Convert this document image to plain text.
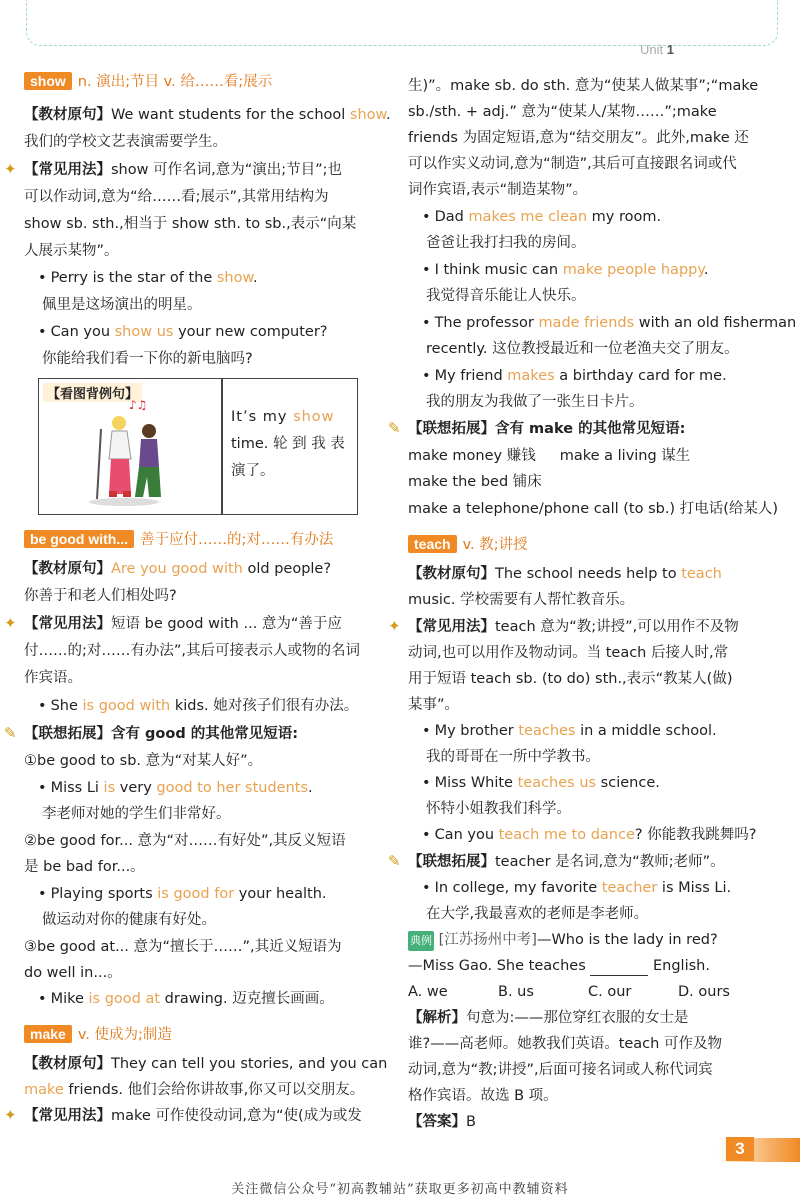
Unit 1
show n. 演出;节目 v. 给……看;展示
【教材原句】We want students for the school show.
我们的学校文艺表演需要学生。
✦ 【常见用法】show 可作名词,意为“演出;节目”;也
可以作动词,意为“给……看;展示”,其常用结构为
show sb. sth.,相当于 show sth. to sb.,表示“向某
人展示某物”。
• Perry is the star of the show.
佩里是这场演出的明星。
• Can you show us your new computer?
你能给我们看一下你的新电脑吗?
【看图背例句】
♪♫
It’s my show
time. 轮 到 我 表
演了。
be good with... 善于应付……的;对……有办法
【教材原句】Are you good with old people?
你善于和老人们相处吗?
✦ 【常见用法】短语 be good with ... 意为“善于应
付……的;对……有办法”,其后可接表示人或物的名词
作宾语。
• She is good with kids. 她对孩子们很有办法。
✎ 【联想拓展】含有 good 的其他常见短语:
①be good to sb. 意为“对某人好”。
• Miss Li is very good to her students.
李老师对她的学生们非常好。
②be good for... 意为“对……有好处”,其反义短语
是 be bad for...。
• Playing sports is good for your health.
做运动对你的健康有好处。
③be good at... 意为“擅长于……”,其近义短语为
do well in...。
• Mike is good at drawing. 迈克擅长画画。
make v. 使成为;制造
【教材原句】They can tell you stories, and you can
make friends. 他们会给你讲故事,你又可以交朋友。
✦ 【常见用法】make 可作使役动词,意为“使(成为或发
生)”。make sb. do sth. 意为“使某人做某事”;“make
sb./sth. + adj.” 意为“使某人/某物……”;make
friends 为固定短语,意为“结交朋友”。此外,make 还
可以作实义动词,意为“制造”,其后可直接跟名词或代
词作宾语,表示“制造某物”。
• Dad makes me clean my room.
爸爸让我打扫我的房间。
• I think music can make people happy.
我觉得音乐能让人快乐。
• The professor made friends with an old fisherman
recently. 这位教授最近和一位老渔夫交了朋友。
• My friend makes a birthday card for me.
我的朋友为我做了一张生日卡片。
✎ 【联想拓展】含有 make 的其他常见短语:
make money 赚钱 make a living 谋生
make the bed 铺床
make a telephone/phone call (to sb.) 打电话(给某人)
teach v. 教;讲授
【教材原句】The school needs help to teach
music. 学校需要有人帮忙教音乐。
✦ 【常见用法】teach 意为“教;讲授”,可以用作不及物
动词,也可以用作及物动词。当 teach 后接人时,常
用于短语 teach sb. (to do) sth.,表示“教某人(做)
某事”。
• My brother teaches in a middle school.
我的哥哥在一所中学教书。
• Miss White teaches us science.
怀特小姐教我们科学。
• Can you teach me to dance? 你能教我跳舞吗?
✎ 【联想拓展】teacher 是名词,意为“教师;老师”。
• In college, my favorite teacher is Miss Li.
在大学,我最喜欢的老师是李老师。
典例 [江苏扬州中考]—Who is the lady in red?
—Miss Gao. She teaches	English.
A. we	B. us	C. our	D. ours
【解析】句意为:——那位穿红衣服的女士是
谁?——高老师。她教我们英语。teach 可作及物
动词,意为“教;讲授”,后面可接名词或人称代词宾
格作宾语。故选 B 项。
【答案】B
3
关注微信公众号“初高教辅站”获取更多初高中教辅资料
